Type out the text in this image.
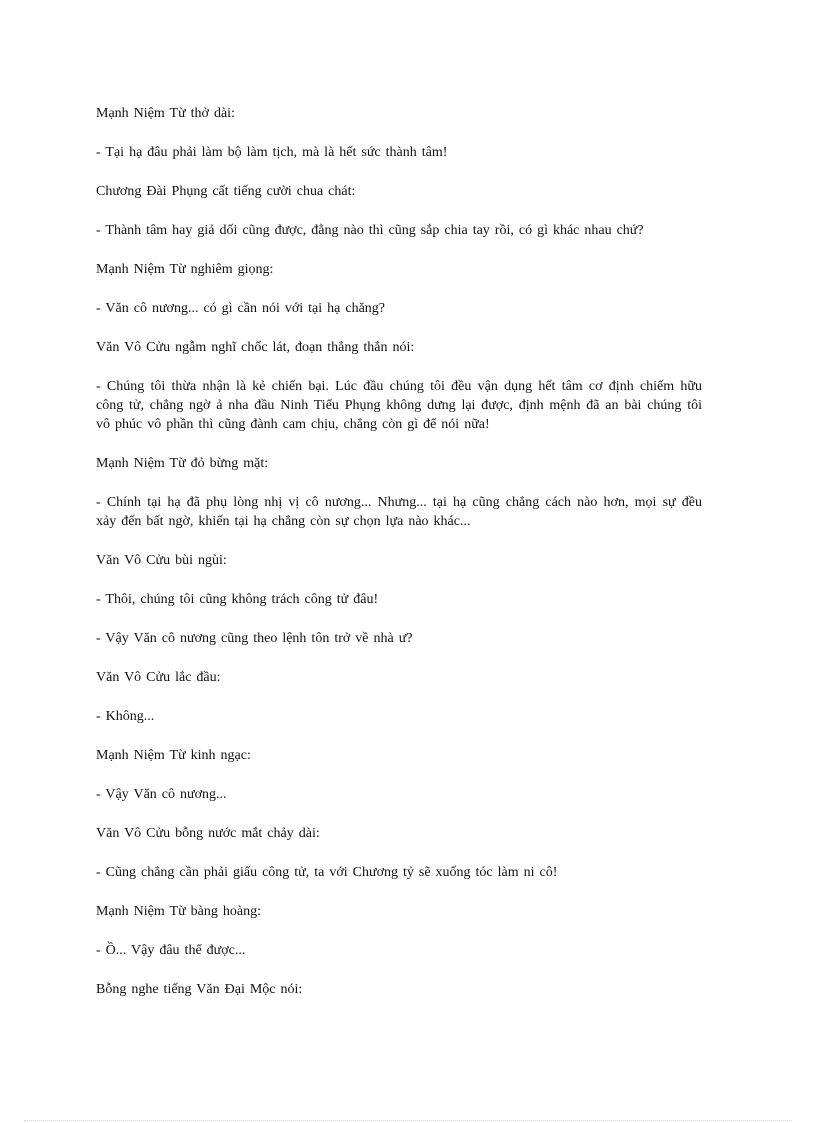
Mạnh Niệm Từ thở dài:

- Tại hạ đâu phải làm bộ làm tịch, mà là hết sức thành tâm!

Chương Đài Phụng cất tiếng cười chua chát:

- Thành tâm hay giả dối cũng được, đằng nào thì cũng sắp chia tay rồi, có gì khác nhau chứ?

Mạnh Niệm Từ nghiêm giọng:

- Văn cô nương... có gì cần nói với tại hạ chăng?

Văn Vô Cửu ngẫm nghĩ chốc lát, đoạn thẳng thắn nói:

- Chúng tôi thừa nhận là kẻ chiến bại. Lúc đầu chúng tôi đều vận dụng hết tâm cơ định chiếm hữu công tử, chẳng ngờ ả nha đầu Ninh Tiểu Phụng không dưng lại được, định mệnh đã an bài chúng tôi vô phúc vô phần thì cũng đành cam chịu, chẳng còn gì để nói nữa!

Mạnh Niệm Từ đỏ bừng mặt:

- Chính tại hạ đã phụ lòng nhị vị cô nương... Nhưng... tại hạ cũng chẳng cách nào hơn, mọi sự đều xảy đến bất ngờ, khiến tại hạ chẳng còn sự chọn lựa nào khác...

Văn Vô Cửu bùi ngùi:

- Thôi, chúng tôi cũng không trách công tử đâu!

- Vậy Văn cô nương cũng theo lệnh tôn trở về nhà ư?

Văn Vô Cửu lắc đầu:

- Không...

Mạnh Niệm Từ kinh ngạc:

- Vậy Văn cô nương...

Văn Vô Cửu bỗng nước mắt chảy dài:

- Cũng chẳng cần phải giấu công tử, ta với Chương tỷ sẽ xuống tóc làm ni cô!

Mạnh Niệm Từ bàng hoàng:

- Ồ... Vậy đâu thể được...

Bỗng nghe tiếng Văn Đại Mộc nói:
